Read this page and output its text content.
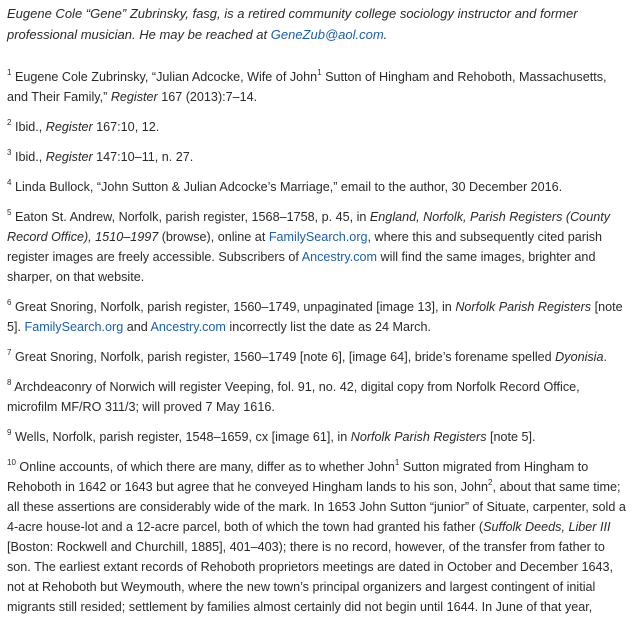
Eugene Cole “Gene” Zubrinsky, fasg, is a retired community college sociology instructor and former professional musician. He may be reached at GeneZub@aol.com.

$^1$ Eugene Cole Zubrinsky, “Julian Adcocke, Wife of John$^1$ Sutton of Hingham and Rehoboth, Massachusetts, and Their Family,” Register 167 (2013):7–14.

$^2$ Ibid., Register 167:10, 12.

$^3$ Ibid., Register 147:10–11, n. 27.

$^4$ Linda Bullock, “John Sutton & Julian Adcocke’s Marriage,” email to the author, 30 December 2016.

$^5$ Eaton St. Andrew, Norfolk, parish register, 1568–1758, p. 45, in England, Norfolk, Parish Registers (County Record Office), 1510–1997 (browse), online at FamilySearch.org, where this and subsequently cited parish register images are freely accessible. Subscribers of Ancestry.com will find the same images, brighter and sharper, on that website.

$^6$ Great Snoring, Norfolk, parish register, 1560–1749, unpaginated [image 13], in Norfolk Parish Registers [note 5]. FamilySearch.org and Ancestry.com incorrectly list the date as 24 March.

$^7$ Great Snoring, Norfolk, parish register, 1560–1749 [note 6], [image 64], bride’s forename spelled Dyonisia.

$^8$ Archdeaconry of Norwich will register Veeping, fol. 91, no. 42, digital copy from Norfolk Record Office, microfilm MF/RO 311/3; will proved 7 May 1616.

$^9$ Wells, Norfolk, parish register, 1548–1659, cx [image 61], in Norfolk Parish Registers [note 5].

$^{10}$ Online accounts, of which there are many, differ as to whether John$^1$ Sutton migrated from Hingham to Rehoboth in 1642 or 1643 but agree that he conveyed Hingham lands to his son, John$^2$, about that same time; all these assertions are considerably wide of the mark. In 1653 John Sutton “junior” of Situate, carpenter, sold a 4-acre house-lot and a 12-acre parcel, both of which the town had granted his father (Suffolk Deeds, Liber III [Boston: Rockwell and Churchill, 1885], 401–403); there is no record, however, of the transfer from father to son. The earliest extant records of Rehoboth proprietors meetings are dated in October and December 1643, not at Rehoboth but Weymouth, where the new town’s principal organizers and largest contingent of initial migrants still resided; settlement by families almost certainly did not begin until 1644. In June of that year,
